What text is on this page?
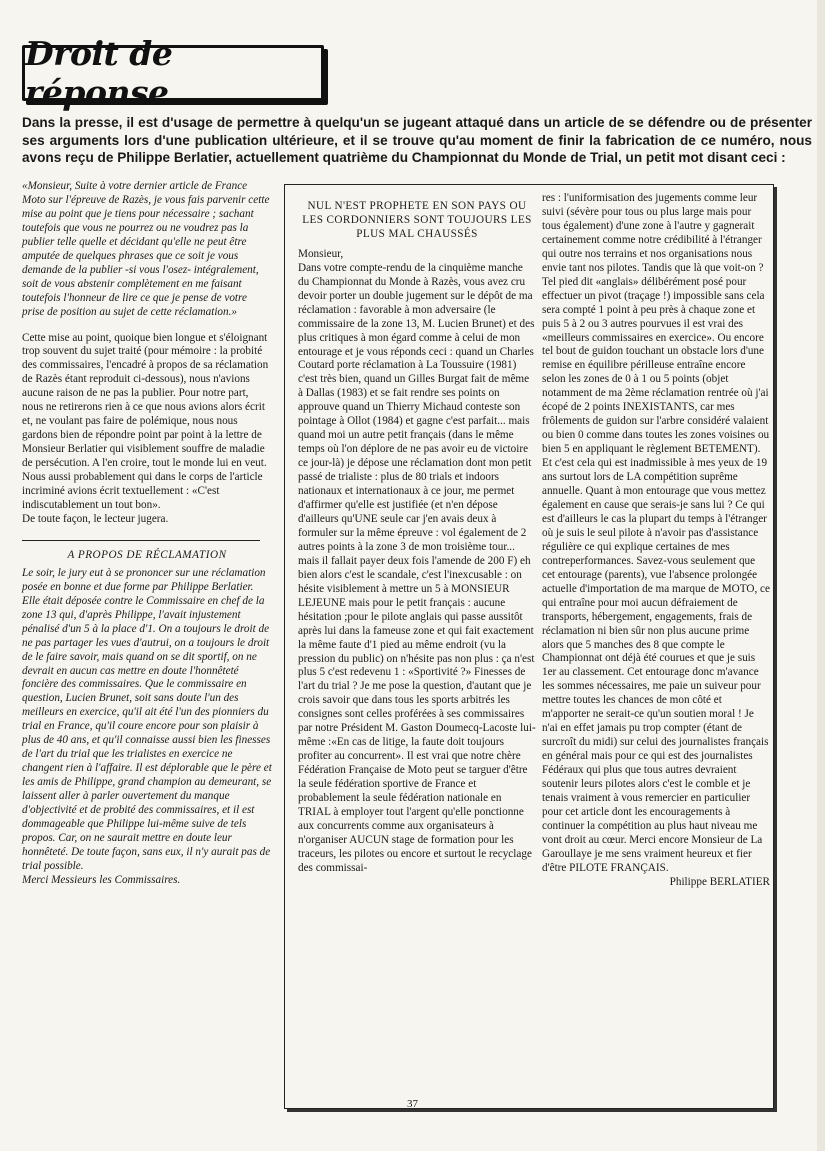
Droit de réponse

Dans la presse, il est d'usage de permettre à quelqu'un se jugeant attaqué dans un article de se défendre ou de présenter ses arguments lors d'une publication ultérieure, et il se trouve qu'au moment de finir la fabrication de ce numéro, nous avons reçu de Philippe Berlatier, actuellement quatrième du Championnat du Monde de Trial, un petit mot disant ceci :

«Monsieur, Suite à votre dernier article de France Moto sur l'épreuve de Razès, je vous fais parvenir cette mise au point que je tiens pour nécessaire ; sachant toutefois que vous ne pourrez ou ne voudrez pas la publier telle quelle et décidant qu'elle ne peut être amputée de quelques phrases que ce soit je vous demande de la publier -si vous l'osez- intégralement, soit de vous abstenir complètement en me faisant toutefois l'honneur de lire ce que je pense de votre prise de position au sujet de cette réclamation.»

Cette mise au point, quoique bien longue et s'éloignant trop souvent du sujet traité (pour mémoire : la probité des commissaires, l'encadré à propos de sa réclamation de Razès étant reproduit ci-dessous), nous n'avions aucune raison de ne pas la publier. Pour notre part, nous ne retirerons rien à ce que nous avions alors écrit et, ne voulant pas faire de polémique, nous nous gardons bien de répondre point par point à la lettre de Monsieur Berlatier qui visiblement souffre de maladie de persécution. A l'en croire, tout le monde lui en veut. Nous aussi probablement qui dans le corps de l'article incriminé avions écrit textuellement : «C'est indiscutablement un tout bon».

De toute façon, le lecteur jugera.

A PROPOS DE RÉCLAMATION

Le soir, le jury eut à se prononcer sur une réclamation posée en bonne et due forme par Philippe Berlatier. Elle était déposée contre le Commissaire en chef de la zone 13 qui, d'après Philippe, l'avait injustement pénalisé d'un 5 à la place d'1. On a toujours le droit de ne pas partager les vues d'autrui, on a toujours le droit de le faire savoir, mais quand on se dit sportif, on ne devrait en aucun cas mettre en doute l'honnêteté foncière des commissaires. Que le commissaire en question, Lucien Brunet, soit sans doute l'un des meilleurs en exercice, qu'il ait été l'un des pionniers du trial en France, qu'il coure encore pour son plaisir à plus de 40 ans, et qu'il connaisse aussi bien les finesses de l'art du trial que les trialistes en exercice ne changent rien à l'affaire. Il est déplorable que le père et les amis de Philippe, grand champion au demeurant, se laissent aller à parler ouvertement du manque d'objectivité et de probité des commissaires, et il est dommageable que Philippe lui-même suive de tels propos. Car, on ne saurait mettre en doute leur honnêteté. De toute façon, sans eux, il n'y aurait pas de trial possible.

Merci Messieurs les Commissaires.

NUL N'EST PROPHETE EN SON PAYS OU LES CORDONNIERS SONT TOUJOURS LES PLUS MAL CHAUSSÉS

Monsieur,

Dans votre compte-rendu de la cinquième manche du Championnat du Monde à Razès, vous avez cru devoir porter un double jugement sur le dépôt de ma réclamation : favorable à mon adversaire (le commissaire de la zone 13, M. Lucien Brunet) et des plus critiques à mon égard comme à celui de mon entourage et je vous réponds ceci : quand un Charles Coutard porte réclamation à La Toussuire (1981) c'est très bien, quand un Gilles Burgat fait de même à Dallas (1983) et se fait rendre ses points on approuve quand un Thierry Michaud conteste son pointage à Ollot (1984) et gagne c'est parfait... mais quand moi un autre petit français (dans le même temps où l'on déplore de ne pas avoir eu de victoire ce jour-là) je dépose une réclamation dont mon petit passé de trialiste : plus de 80 trials et indoors nationaux et internationaux à ce jour, me permet d'affirmer qu'elle est justifiée (et n'en dépose d'ailleurs qu'UNE seule car j'en avais deux à formuler sur la même épreuve : vol également de 2 autres points à la zone 3 de mon troisième tour... mais il fallait payer deux fois l'amende de 200 F) eh bien alors c'est le scandale, c'est l'inexcusable : on hésite visiblement à mettre un 5 à MONSIEUR LEJEUNE mais pour le petit français : aucune hésitation ;pour le pilote anglais qui passe aussitôt après lui dans la fameuse zone et qui fait exactement la même faute d'1 pied au même endroit (vu la pression du public) on n'hésite pas non plus : ça n'est plus 5 c'est redevenu 1 : «Sportivité ?» Finesses de l'art du trial ? Je me pose la question, d'autant que je crois savoir que dans tous les sports arbitrés les consignes sont celles proférées à ses commissaires par notre Président M. Gaston Doumecq-Lacoste lui-même :«En cas de litige, la faute doit toujours profiter au concurrent». Il est vrai que notre chère Fédération Française de Moto peut se targuer d'être la seule fédération sportive de France et probablement la seule fédération nationale en TRIAL à employer tout l'argent qu'elle ponctionne aux concurrents comme aux organisateurs à n'organiser AUCUN stage de formation pour les traceurs, les pilotes ou encore et surtout le recyclage des commissai-

res : l'uniformisation des jugements comme leur suivi (sévère pour tous ou plus large mais pour tous également) d'une zone à l'autre y gagnerait certainement comme notre crédibilité à l'étranger qui outre nos terrains et nos organisations nous envie tant nos pilotes. Tandis que là que voit-on ? Tel pied dit «anglais» délibérément posé pour effectuer un pivot (traçage !) impossible sans cela sera compté 1 point à peu près à chaque zone et puis 5 à 2 ou 3 autres pourvues il est vrai des «meilleurs commissaires en exercice». Ou encore tel bout de guidon touchant un obstacle lors d'une remise en équilibre périlleuse entraîne encore selon les zones de 0 à 1 ou 5 points (objet notamment de ma 2ème réclamation rentrée où j'ai écopé de 2 points INEXISTANTS, car mes frôlements de guidon sur l'arbre considéré valaient ou bien 0 comme dans toutes les zones voisines ou bien 5 en appliquant le règlement BETEMENT). Et c'est cela qui est inadmissible à mes yeux de 19 ans surtout lors de LA compétition suprême annuelle. Quant à mon entourage que vous mettez également en cause que serais-je sans lui ? Ce qui est d'ailleurs le cas la plupart du temps à l'étranger où je suis le seul pilote à n'avoir pas d'assistance régulière ce qui explique certaines de mes contreperformances. Savez-vous seulement que cet entourage (parents), vue l'absence prolongée actuelle d'importation de ma marque de MOTO, ce qui entraîne pour moi aucun défraiement de transports, hébergement, engagements, frais de réclamation ni bien sûr non plus aucune prime alors que 5 manches des 8 que compte le Championnat ont déjà été courues et que je suis 1er au classement. Cet entourage donc m'avance les sommes nécessaires, me paie un suiveur pour mettre toutes les chances de mon côté et m'apporter ne serait-ce qu'un soutien moral ! Je n'ai en effet jamais pu trop compter (étant de surcroît du midi) sur celui des journalistes français en général mais pour ce qui est des journalistes Fédéraux qui plus que tous autres devraient soutenir leurs pilotes alors c'est le comble et je tenais vraiment à vous remercier en particulier pour cet article dont les encouragements à continuer la compétition au plus haut niveau me vont droit au cœur. Merci encore Monsieur de La Garoullaye je me sens vraiment heureux et fier d'être PILOTE FRANÇAIS.

Philippe BERLATIER

37
